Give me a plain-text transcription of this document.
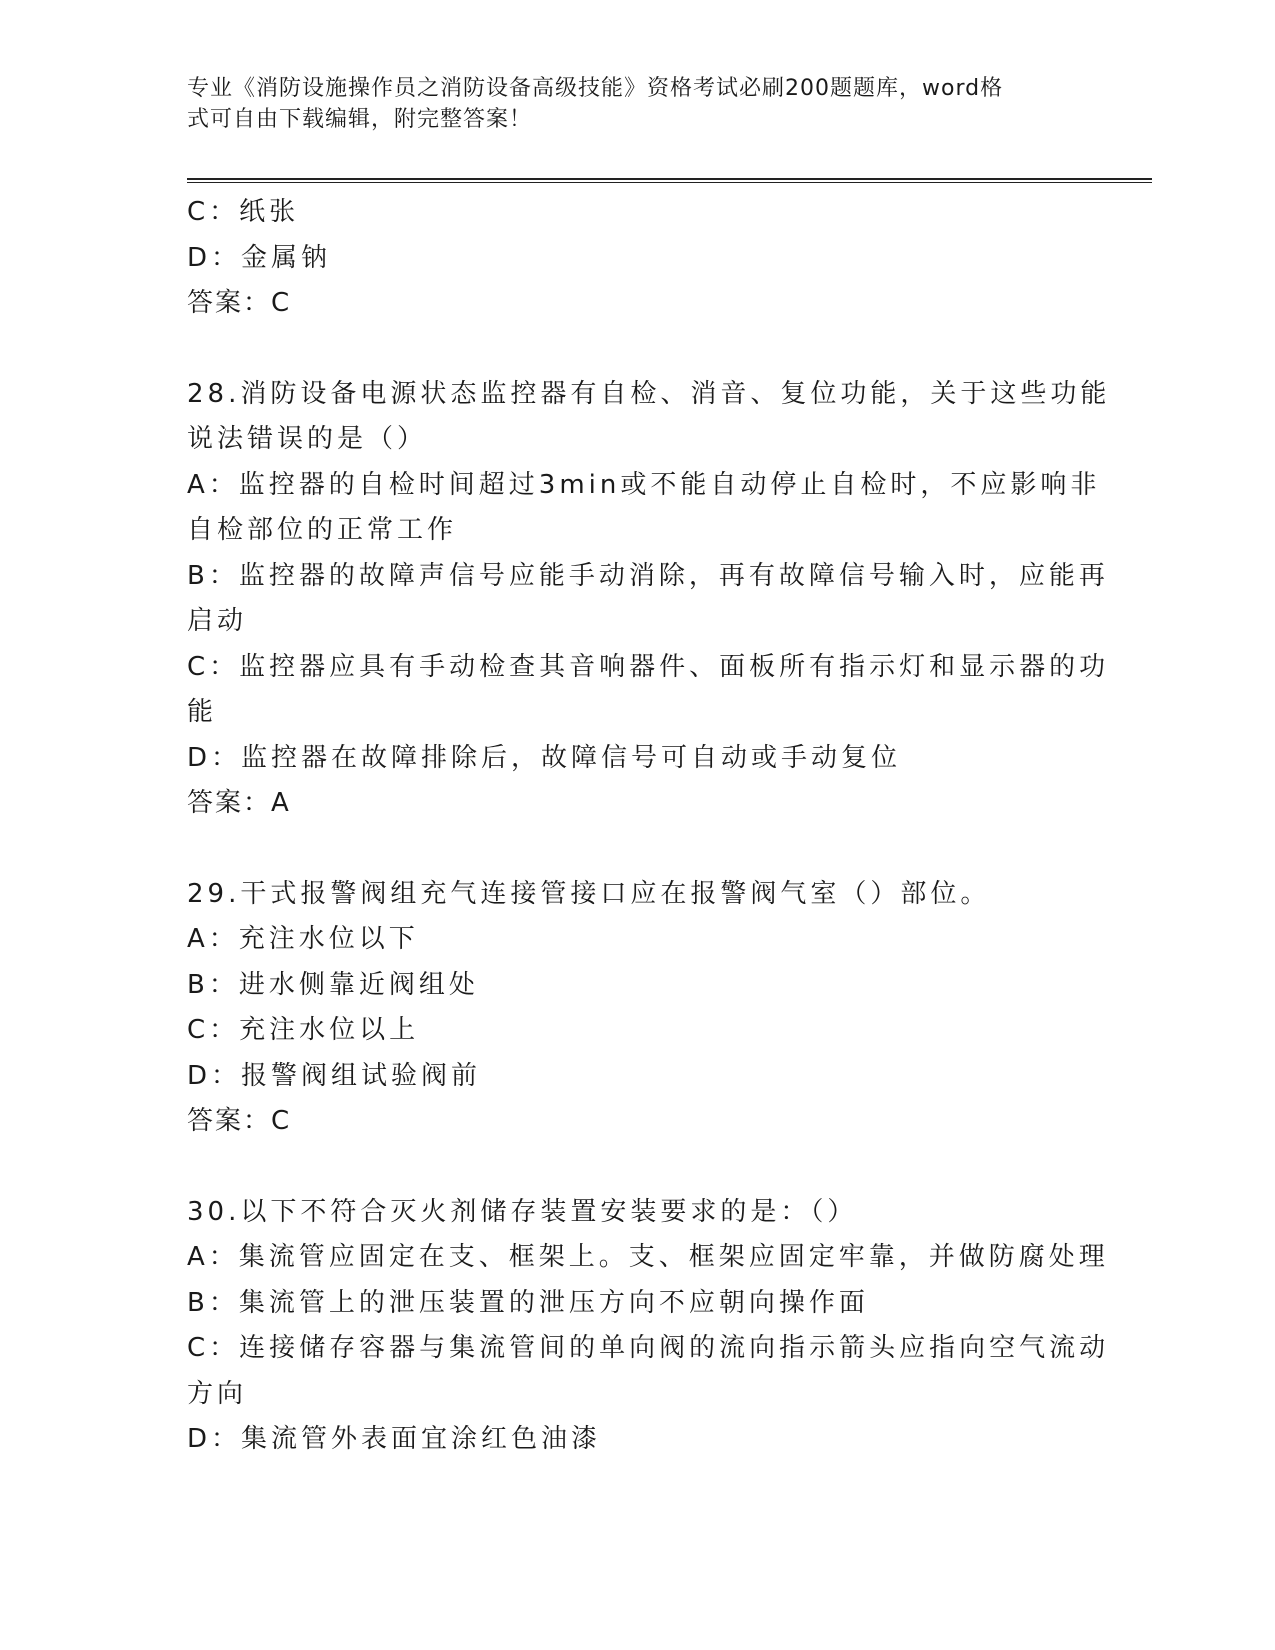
专业《消防设施操作员之消防设备高级技能》资格考试必刷200题题库，word格
式可自由下载编辑，附完整答案！

C：纸张

D：金属钠

答案：C

28.消防设备电源状态监控器有自检、消音、复位功能，关于这些功能

说法错误的是（）

A：监控器的自检时间超过3min或不能自动停止自检时，不应影响非

自检部位的正常工作

B：监控器的故障声信号应能手动消除，再有故障信号输入时，应能再

启动

C：监控器应具有手动检查其音响器件、面板所有指示灯和显示器的功

能

D：监控器在故障排除后，故障信号可自动或手动复位

答案：A

29.干式报警阀组充气连接管接口应在报警阀气室（）部位。

A：充注水位以下

B：进水侧靠近阀组处

C：充注水位以上

D：报警阀组试验阀前

答案：C

30.以下不符合灭火剂储存装置安装要求的是：（）

A：集流管应固定在支、框架上。支、框架应固定牢靠，并做防腐处理

B：集流管上的泄压装置的泄压方向不应朝向操作面

C：连接储存容器与集流管间的单向阀的流向指示箭头应指向空气流动

方向

D：集流管外表面宜涂红色油漆
